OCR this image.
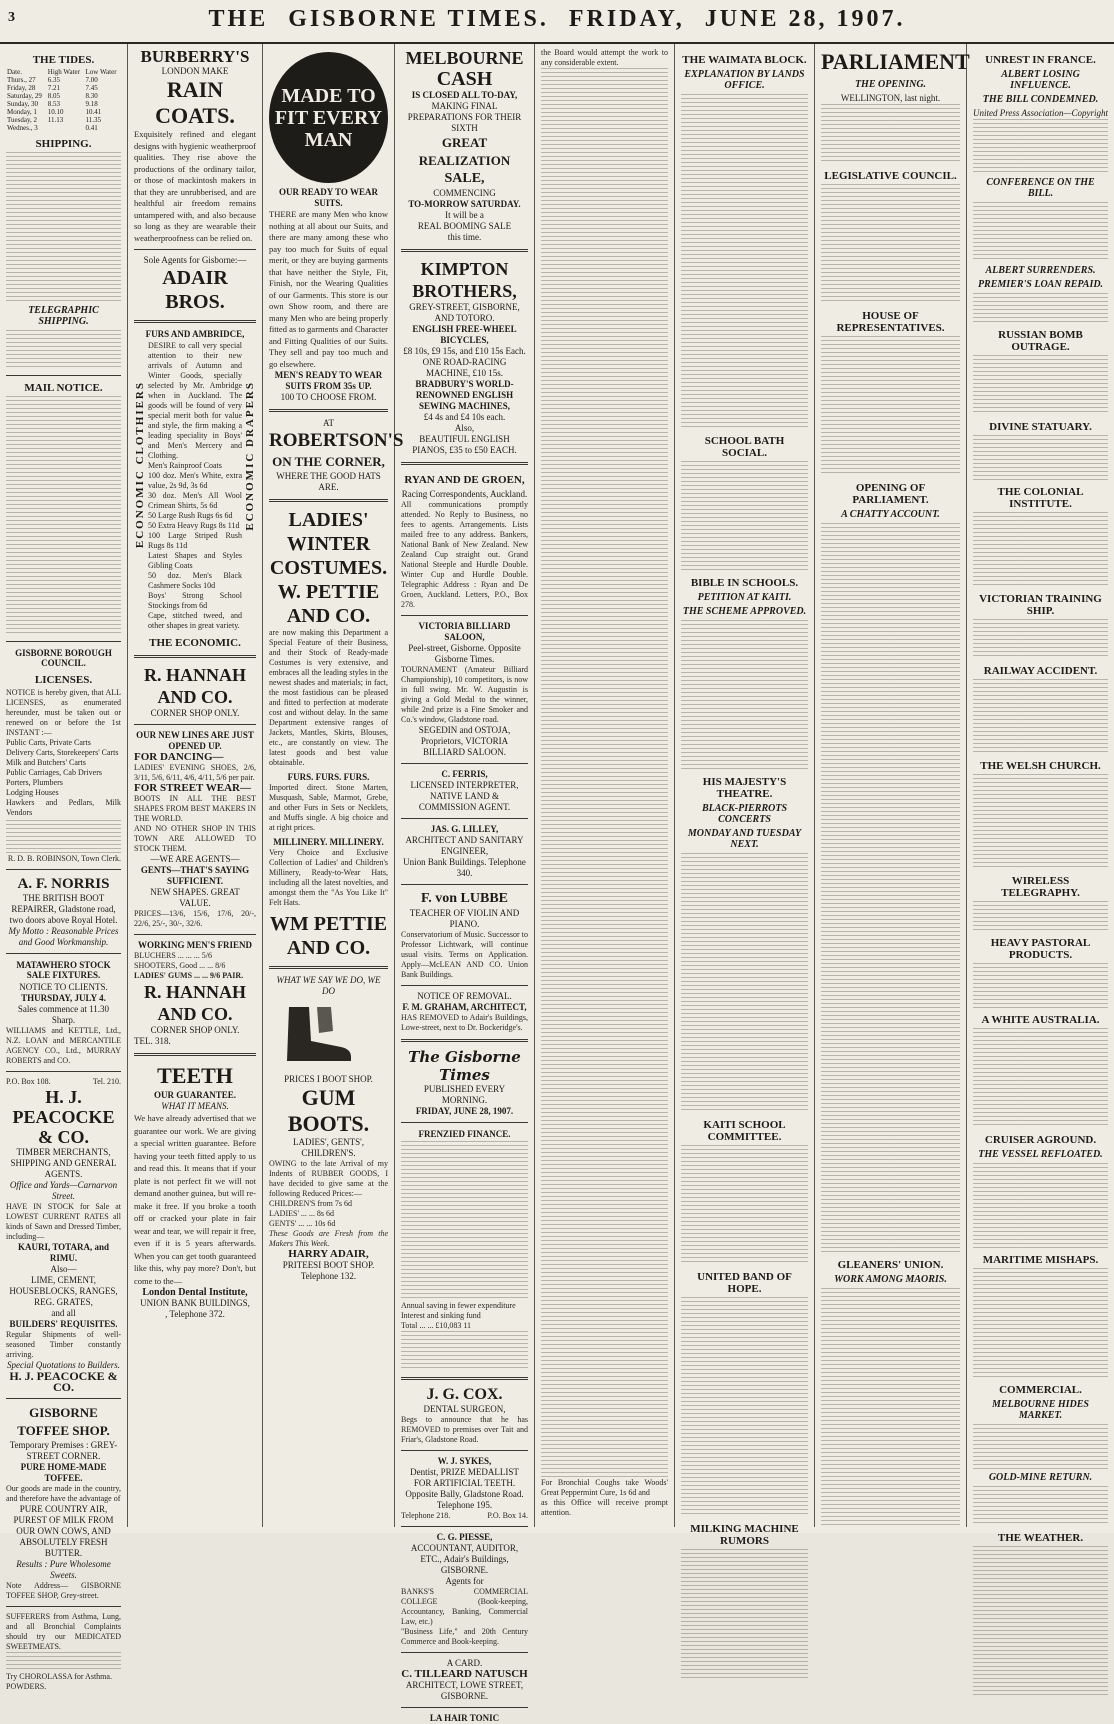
3	THE GISBORNE TIMES. FRIDAY, JUNE 28, 1907.
THE TIDES.
Date.	High Water	Low Water
Thurs., 27	6.35	7.00
Friday, 28	7.21	7.45
Saturday, 29	8.05	8.30
Sunday, 30	8.53	9.18
Monday, 1	10.10	10.41
Tuesday, 2	11.13	11.35
Wednes., 3		0.41
SHIPPING.
TELEGRAPHIC SHIPPING.
MAIL NOTICE.
GISBORNE BOROUGH COUNCIL.
LICENSES.
NOTICE is hereby given, that ALL LICENSES, as enumerated hereunder, must be taken out or renewed on or before the 1st INSTANT :—
Public Carts, Private Carts
Delivery Carts, Storekeepers' Carts
Milk and Butchers' Carts
Public Carriages, Cab Drivers
Porters, Plumbers
Lodging Houses
Hawkers and Pedlars, Milk Vendors
R. D. B. ROBINSON, Town Clerk.
A. F. NORRIS
THE BRITISH BOOT REPAIRER, Gladstone road, two doors above Royal Hotel.
My Motto : Reasonable Prices and Good Workmanship.
MATAWHERO STOCK SALE FIXTURES.
NOTICE TO CLIENTS.
THURSDAY, JULY 4.
Sales commence at 11.30 Sharp.
WILLIAMS and KETTLE, Ltd., N.Z. LOAN and MERCANTILE AGENCY CO., Ltd., MURRAY ROBERTS and CO.
P.O. Box 108.	Tel. 210.
H. J. PEACOCKE & CO.
TIMBER MERCHANTS, SHIPPING AND GENERAL AGENTS.
Office and Yards—Carnarvon Street.
HAVE IN STOCK for Sale at LOWEST CURRENT RATES all kinds of Sawn and Dressed Timber, including—
KAURI, TOTARA, and RIMU.
Also—
LIME, CEMENT, HOUSEBLOCKS, RANGES, REG. GRATES,
and all
BUILDERS' REQUISITES.
Regular Shipments of well-seasoned Timber constantly arriving.
Special Quotations to Builders.
H. J. PEACOCKE & CO.
GISBORNE TOFFEE SHOP.
Temporary Premises : GREY-STREET CORNER.
PURE HOME-MADE TOFFEE.
Our goods are made in the country, and therefore have the advantage of
PURE COUNTRY AIR, PUREST OF MILK FROM OUR OWN COWS, AND ABSOLUTELY FRESH BUTTER.
Results : Pure Wholesome Sweets.
Note Address— GISBORNE TOFFEE SHOP, Grey-street.
SUFFERERS from Asthma, Lung, and all Bronchial Complaints should try our MEDICATED SWEETMEATS.
Try CHOROLASSA for Asthma.
POWDERS.
BURBERRY'S
LONDON MAKE
RAIN COATS.
Exquisitely refined and elegant designs with hygienic weatherproof qualities. They rise above the productions of the ordinary tailor, or those of mackintosh makers in that they are unrubberised, and are healthful air freedom remains untampered with, and also because so long as they are wearable their weatherproofness can be relied on.
Sole Agents for Gisborne:—
ADAIR BROS.
FURS AND AMBRIDCE,
ECONOMIC CLOTHIERS	ECONOMIC DRAPERS
DESIRE to call very special attention to their new arrivals of Autumn and Winter Goods, specially selected by Mr. Ambridge when in Auckland. The goods will be found of very special merit both for value and style, the firm making a leading speciality in Boys' and Men's Mercery and Clothing.
Men's Rainproof Coats
100 doz. Men's White, extra value, 2s 9d, 3s 6d
30 doz. Men's All Wool Crimean Shirts, 5s 6d
50 Large Rush Rugs 6s 6d
50 Extra Heavy Rugs 8s 11d
100 Large Striped Rush Rugs 8s 11d
Latest Shapes and Styles Gibling Coats
50 doz. Men's Black Cashmere Socks 10d
Boys' Strong School Stockings from 6d
Cape, stitched tweed, and other shapes in great variety.
THE ECONOMIC.
R. HANNAH AND CO.
CORNER SHOP ONLY.
OUR NEW LINES ARE JUST OPENED UP.
FOR DANCING—
LADIES' EVENING SHOES, 2/6, 3/11, 5/6, 6/11, 4/6, 4/11, 5/6 per pair.
FOR STREET WEAR—
BOOTS IN ALL THE BEST SHAPES FROM BEST MAKERS IN THE WORLD.
AND NO OTHER SHOP IN THIS TOWN ARE ALLOWED TO STOCK THEM.
—WE ARE AGENTS—
GENTS—THAT'S SAYING SUFFICIENT.
NEW SHAPES. GREAT VALUE.
PRICES—13/6, 15/6, 17/6, 20/-, 22/6, 25/-, 30/-, 32/6.
WORKING MEN'S FRIEND
BLUCHERS ... ... ... 5/6
SHOOTERS, Good ... ... 8/6
LADIES' GUMS ... ... 9/6 PAIR.
R. HANNAH AND CO.
CORNER SHOP ONLY.
TEL. 318.
TEETH
OUR GUARANTEE.
WHAT IT MEANS.
We have already advertised that we guarantee our work. We are giving a special written guarantee. Before having your teeth fitted apply to us and read this. It means that if your plate is not perfect fit we will not demand another guinea, but will re-make it free. If you broke a tooth off or cracked your plate in fair wear and tear, we will repair it free, even if it is 5 years afterwards. When you can get tooth guaranteed like this, why pay more? Don't, but come to the—
London Dental Institute,
UNION BANK BUILDINGS,
, Telephone 372.
MADE TO FIT EVERY MAN
OUR READY TO WEAR SUITS.
THERE are many Men who know nothing at all about our Suits, and there are many among these who pay too much for Suits of equal merit, or they are buying garments that have neither the Style, Fit, Finish, nor the Wearing Qualities of our Garments. This store is our own Show room, and there are many Men who are being properly fitted as to garments and Character and Fitting Qualities of our Suits. They sell and pay too much and go elsewhere.
MEN'S READY TO WEAR SUITS FROM 35s UP.
100 TO CHOOSE FROM.
AT
ROBERTSON'S
ON THE CORNER,
WHERE THE GOOD HATS ARE.
LADIES' WINTER COSTUMES.
W. PETTIE AND CO.
are now making this Department a Special Feature of their Business, and their Stock of Ready-made Costumes is very extensive, and embraces all the leading styles in the newest shades and materials; in fact, the most fastidious can be pleased and fitted to perfection at moderate cost and without delay. In the same Department extensive ranges of Jackets, Mantles, Skirts, Blouses, etc., are constantly on view. The latest goods and best value obtainable.
FURS. FURS. FURS.
Imported direct. Stone Marten, Musquash, Sable, Marmot, Grebe, and other Furs in Sets or Necklets, and Muffs single. A big choice and at right prices.
MILLINERY. MILLINERY.
Very Choice and Exclusive Collection of Ladies' and Children's Millinery, Ready-to-Wear Hats, including all the latest novelties, and amongst them the "As You Like It" Felt Hats.
WM PETTIE AND CO.
WHAT WE SAY WE DO, WE DO
PRICES I BOOT SHOP.
GUM BOOTS.
LADIES', GENTS', CHILDREN'S.
OWING to the late Arrival of my Indents of RUBBER GOODS, I have decided to give same at the following Reduced Prices:—
CHILDREN'S from 7s 6d
LADIES' ... ... 8s 6d
GENTS' ... ... 10s 6d
These Goods are Fresh from the Makers This Week.
HARRY ADAIR,
PRITEESI BOOT SHOP.
Telephone 132.
MELBOURNE
CASH
IS CLOSED ALL TO-DAY,
MAKING FINAL PREPARATIONS FOR THEIR SIXTH
GREAT
REALIZATION
SALE,
COMMENCING
TO-MORROW SATURDAY.
It will be a
REAL BOOMING SALE
this time.
KIMPTON BROTHERS,
GREY-STREET, GISBORNE, AND TOTORO.
ENGLISH FREE-WHEEL BICYCLES,
£8 10s, £9 15s, and £10 15s Each.
ONE ROAD-RACING MACHINE, £10 15s.
BRADBURY'S WORLD-RENOWNED ENGLISH SEWING MACHINES,
£4 4s and £4 10s each.
Also,
BEAUTIFUL ENGLISH PIANOS, £35 to £50 EACH.
RYAN AND DE GROEN,
Racing Correspondents, Auckland.
All communications promptly attended. No Reply to Business, no fees to agents. Arrangements. Lists mailed free to any address. Bankers, National Bank of New Zealand. New Zealand Cup straight out. Grand National Steeple and Hurdle Double. Winter Cup and Hurdle Double. Telegraphic Address : Ryan and De Groen, Auckland. Letters, P.O., Box 278.
VICTORIA BILLIARD SALOON,
Peel-street, Gisborne. Opposite Gisborne Times.
TOURNAMENT (Amateur Billiard Championship), 10 competitors, is now in full swing. Mr. W. Augustin is giving a Gold Medal to the winner, while 2nd prize is a Fine Smoker and Co.'s window, Gladstone road.
SEGEDIN and OSTOJA, Proprietors, VICTORIA BILLIARD SALOON.
C. FERRIS,
LICENSED INTERPRETER, NATIVE LAND & COMMISSION AGENT.
JAS. G. LILLEY,
ARCHITECT AND SANITARY ENGINEER,
Union Bank Buildings. Telephone 340.
F. von LUBBE
TEACHER OF VIOLIN AND PIANO.
Conservatorium of Music. Successor to Professor Lichtwark, will continue usual visits. Terms on Application. Apply—McLEAN AND CO. Union Bank Buildings.
NOTICE OF REMOVAL.
F. M. GRAHAM, ARCHITECT,
HAS REMOVED to Adair's Buildings, Lowe-street, next to Dr. Bockeridge's.
The Gisborne Times
PUBLISHED EVERY MORNING.
FRIDAY, JUNE 28, 1907.
FRENZIED FINANCE.
Annual saving in fewer expenditure
Interest and sinking fund
Total ... ... £10,083 11
J. G. COX.
DENTAL SURGEON,
Begs to announce that he has REMOVED to premises over Tait and Friar's, Gladstone Road.
W. J. SYKES,
Dentist, PRIZE MEDALLIST FOR ARTIFICIAL TEETH.
Opposite Bally, Gladstone Road. Telephone 195.
Telephone 218.	P.O. Box 14.
C. G. PIESSE,
ACCOUNTANT, AUDITOR, ETC., Adair's Buildings, GISBORNE.
Agents for
BANKS'S COMMERCIAL COLLEGE (Book-keeping, Accountancy, Banking, Commercial Law, etc.)
"Business Life," and 20th Century Commerce and Book-keeping.
A CARD.
C. TILLEARD NATUSCH
ARCHITECT, LOWE STREET, GISBORNE.
LA HAIR TONIC
the Board would attempt the work to any considerable extent.
For Bronchial Coughs take Woods' Great Peppermint Cure, 1s 6d and
as this Office will receive prompt attention.
THE WAIMATA BLOCK.
EXPLANATION BY LANDS OFFICE.
SCHOOL BATH SOCIAL.
BIBLE IN SCHOOLS.
PETITION AT KAITI.
THE SCHEME APPROVED.
HIS MAJESTY'S THEATRE.
BLACK-PIERROTS CONCERTS
MONDAY AND TUESDAY NEXT.
KAITI SCHOOL COMMITTEE.
UNITED BAND OF HOPE.
MILKING MACHINE RUMORS
PARLIAMENT
THE OPENING.
WELLINGTON, last night.
LEGISLATIVE COUNCIL.
HOUSE OF REPRESENTATIVES.
OPENING OF PARLIAMENT.
A CHATTY ACCOUNT.
GLEANERS' UNION.
WORK AMONG MAORIS.
UNREST IN FRANCE.
ALBERT LOSING INFLUENCE.
THE BILL CONDEMNED.
United Press Association—Copyright
CONFERENCE ON THE BILL.
ALBERT SURRENDERS.
PREMIER'S LOAN REPAID.
RUSSIAN BOMB OUTRAGE.
DIVINE STATUARY.
THE COLONIAL INSTITUTE.
VICTORIAN TRAINING SHIP.
RAILWAY ACCIDENT.
THE WELSH CHURCH.
WIRELESS TELEGRAPHY.
HEAVY PASTORAL PRODUCTS.
A WHITE AUSTRALIA.
CRUISER AGROUND.
THE VESSEL REFLOATED.
MARITIME MISHAPS.
COMMERCIAL.
MELBOURNE HIDES MARKET.
GOLD-MINE RETURN.
THE WEATHER.
